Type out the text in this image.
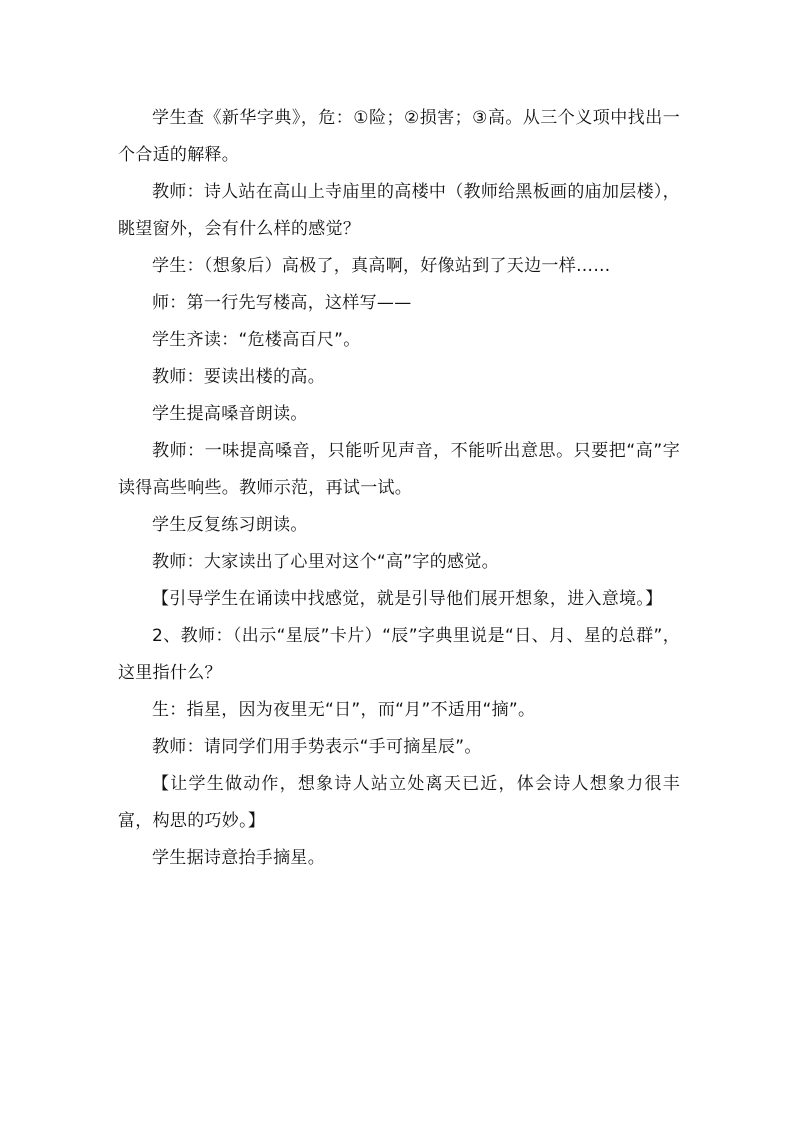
学生查《新华字典》，危：①险；②损害；③高。从三个义项中找出一个合适的解释。

教师：诗人站在高山上寺庙里的高楼中（教师给黑板画的庙加层楼），眺望窗外，会有什么样的感觉？

学生：（想象后）高极了，真高啊，好像站到了天边一样……

师：第一行先写楼高，这样写——

学生齐读：“危楼高百尺”。

教师：要读出楼的高。

学生提高嗓音朗读。

教师：一味提高嗓音，只能听见声音，不能听出意思。只要把“高”字读得高些响些。教师示范，再试一试。

学生反复练习朗读。

教师：大家读出了心里对这个“高”字的感觉。

【引导学生在诵读中找感觉，就是引导他们展开想象，进入意境。】

2、教师：（出示“星辰”卡片）“辰”字典里说是“日、月、星的总群”，这里指什么？

生：指星，因为夜里无“日”，而“月”不适用“摘”。

教师：请同学们用手势表示“手可摘星辰”。

【让学生做动作，想象诗人站立处离天已近，体会诗人想象力很丰富，构思的巧妙。】

学生据诗意抬手摘星。
